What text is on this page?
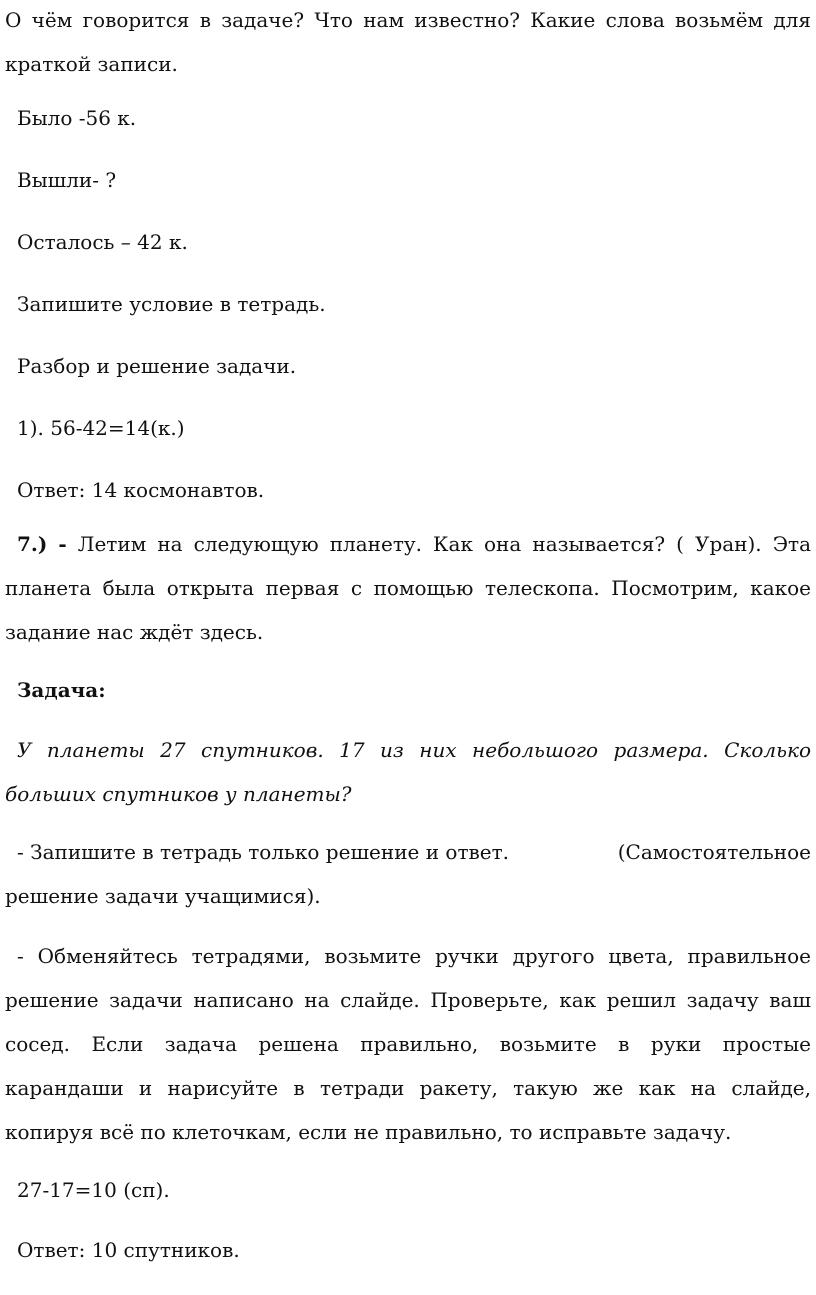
О чём говорится в задаче? Что нам известно? Какие слова возьмём для краткой записи.

Было -56 к.

Вышли- ?

Осталось – 42 к.

Запишите условие в тетрадь.

Разбор и решение задачи.

1). 56-42=14(к.)

Ответ: 14 космонавтов.

7.) - Летим на следующую планету. Как она называется? ( Уран). Эта планета была открыта первая с помощью телескопа. Посмотрим, какое задание нас ждёт здесь.

Задача:

У планеты 27 спутников. 17 из них небольшого размера. Сколько больших спутников у планеты?

- Запишите в тетрадь только решение и ответ.	(Самостоятельное

решение задачи учащимися).

- Обменяйтесь тетрадями, возьмите ручки другого цвета, правильное решение задачи написано на слайде. Проверьте, как решил задачу ваш сосед. Если задача решена правильно, возьмите в руки простые карандаши и нарисуйте в тетради ракету, такую же как на слайде, копируя всё по клеточкам, если не правильно, то исправьте задачу.

27-17=10 (сп).

Ответ: 10 спутников.
